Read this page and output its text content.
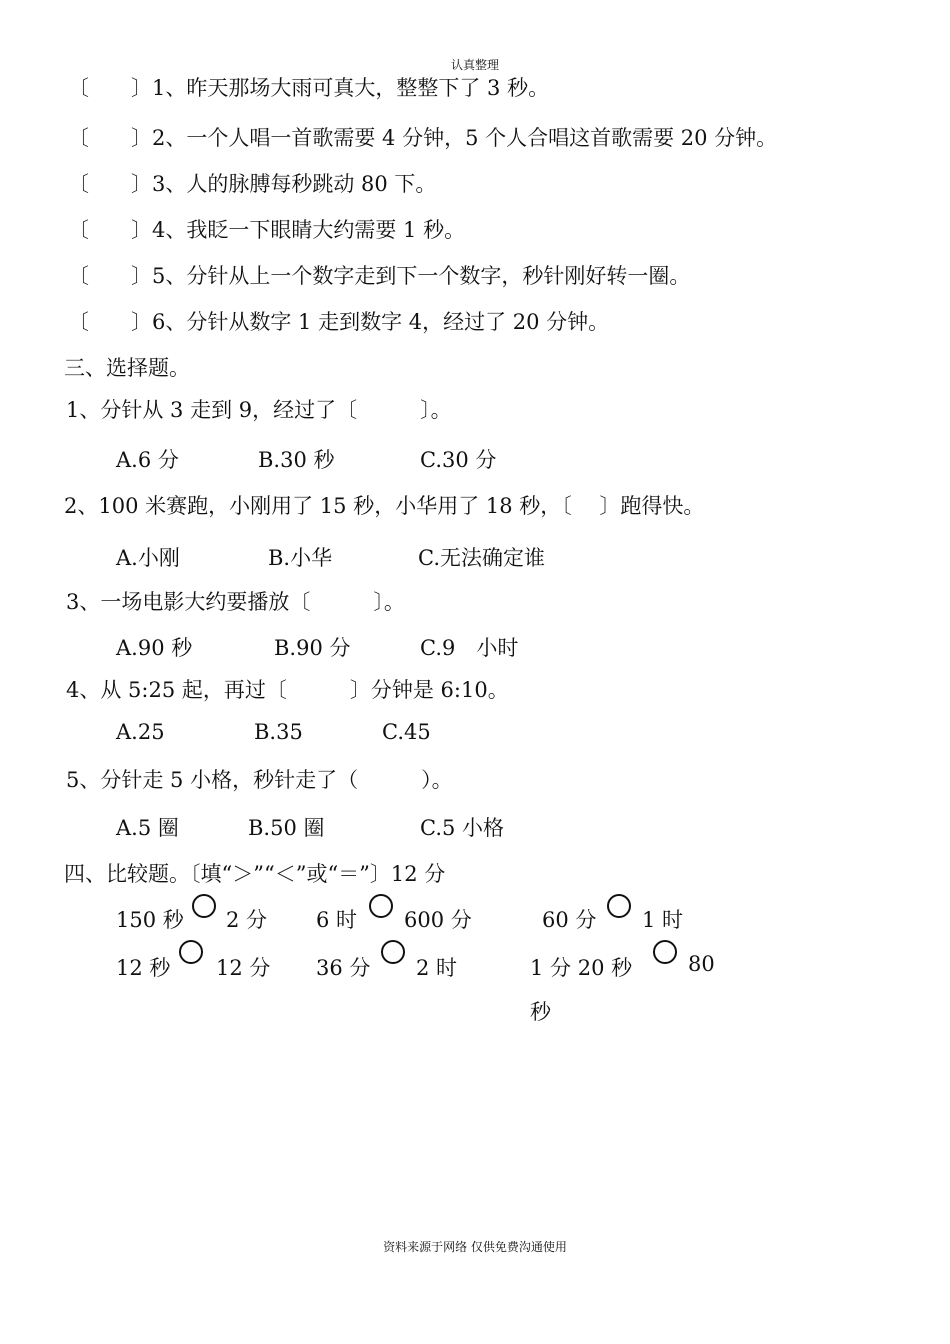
认真整理
〔　　〕1、昨天那场大雨可真大，整整下了 3 秒。
〔　　〕2、一个人唱一首歌需要 4 分钟，5 个人合唱这首歌需要 20 分钟。
〔　　〕3、人的脉膊每秒跳动 80 下。
〔　　〕4、我眨一下眼睛大约需要 1 秒。
〔　　〕5、分针从上一个数字走到下一个数字，秒针刚好转一圈。
〔　　〕6、分针从数字 1 走到数字 4，经过了 20 分钟。
三、选择题。
1、分针从 3 走到 9，经过了〔　　　〕。
A.6 分	B.30 秒	C.30 分
2、100 米赛跑，小刚用了 15 秒，小华用了 18 秒，〔　 〕跑得快。
A.小刚	B.小华	C.无法确定谁
3、一场电影大约要播放〔　　　〕。
A.90 秒	B.90 分	C.9　小时
4、从 5:25 起，再过〔　　　〕分钟是 6:10。
A.25	B.35	C.45
5、分针走 5 小格，秒针走了（　　　）。
A.5 圈	B.50 圈	C.5 小格
四、比较题。〔填“＞”“＜”或“＝”〕12 分
150 秒 2 分 6 时 600 分	60 分 1 时
12 秒 12 分 36 分 2 时	1 分 20 秒	80
秒
资料来源于网络 仅供免费沟通使用
